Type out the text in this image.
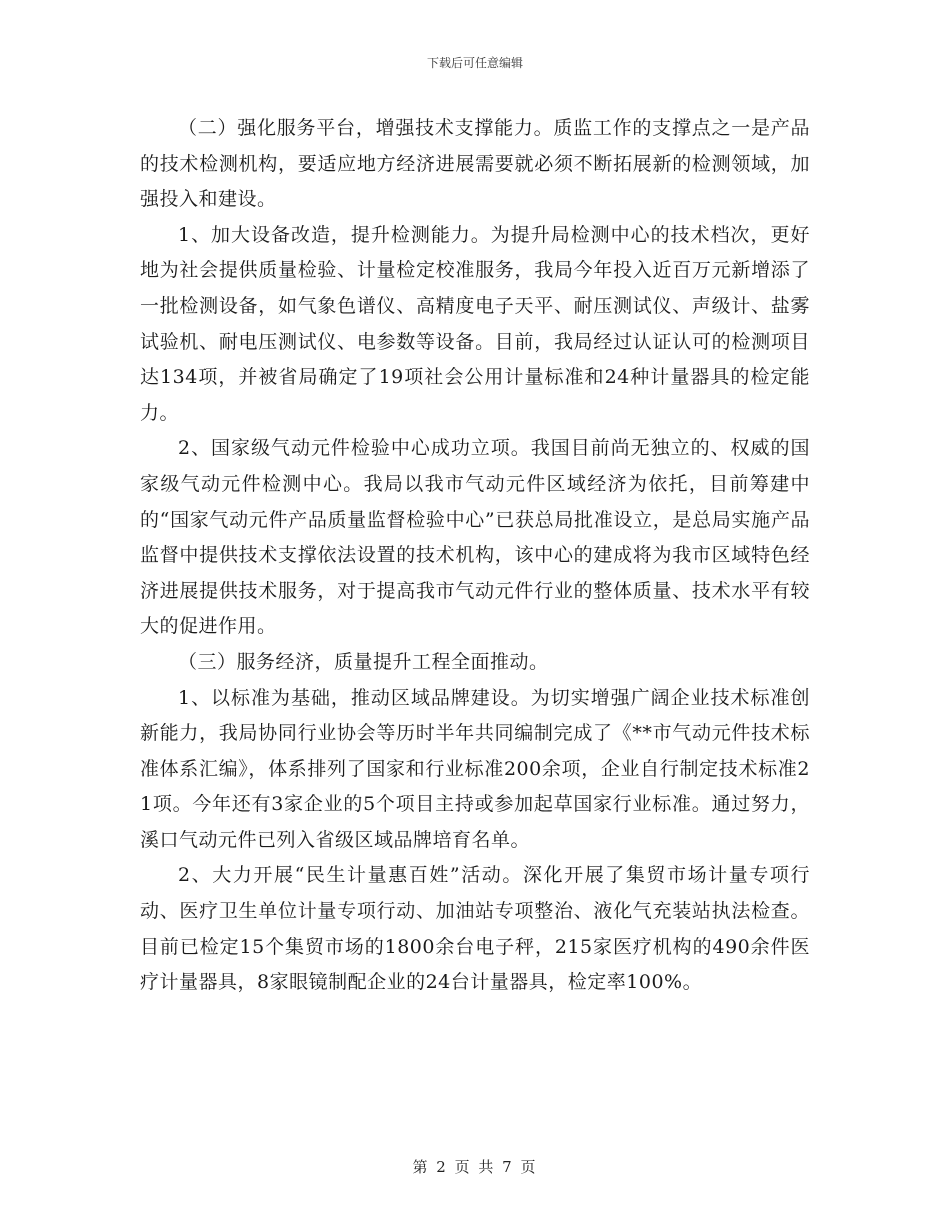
下载后可任意编辑

（二）强化服务平台，增强技术支撑能力。质监工作的支撑点之一是产品的技术检测机构，要适应地方经济进展需要就必须不断拓展新的检测领域，加强投入和建设。

1、加大设备改造，提升检测能力。为提升局检测中心的技术档次，更好地为社会提供质量检验、计量检定校准服务，我局今年投入近百万元新增添了一批检测设备，如气象色谱仪、高精度电子天平、耐压测试仪、声级计、盐雾试验机、耐电压测试仪、电参数等设备。目前，我局经过认证认可的检测项目达134项，并被省局确定了19项社会公用计量标准和24种计量器具的检定能力。

2、国家级气动元件检验中心成功立项。我国目前尚无独立的、权威的国家级气动元件检测中心。我局以我市气动元件区域经济为依托，目前筹建中的“国家气动元件产品质量监督检验中心”已获总局批准设立，是总局实施产品监督中提供技术支撑依法设置的技术机构，该中心的建成将为我市区域特色经济进展提供技术服务，对于提高我市气动元件行业的整体质量、技术水平有较大的促进作用。

（三）服务经济，质量提升工程全面推动。

1、以标准为基础，推动区域品牌建设。为切实增强广阔企业技术标准创新能力，我局协同行业协会等历时半年共同编制完成了《**市气动元件技术标准体系汇编》，体系排列了国家和行业标准200余项，企业自行制定技术标准21项。今年还有3家企业的5个项目主持或参加起草国家行业标准。通过努力，溪口气动元件已列入省级区域品牌培育名单。

2、大力开展“民生计量惠百姓”活动。深化开展了集贸市场计量专项行动、医疗卫生单位计量专项行动、加油站专项整治、液化气充装站执法检查。目前已检定15个集贸市场的1800余台电子秤，215家医疗机构的490余件医疗计量器具，8家眼镜制配企业的24台计量器具，检定率100%。

第 2 页 共 7 页
